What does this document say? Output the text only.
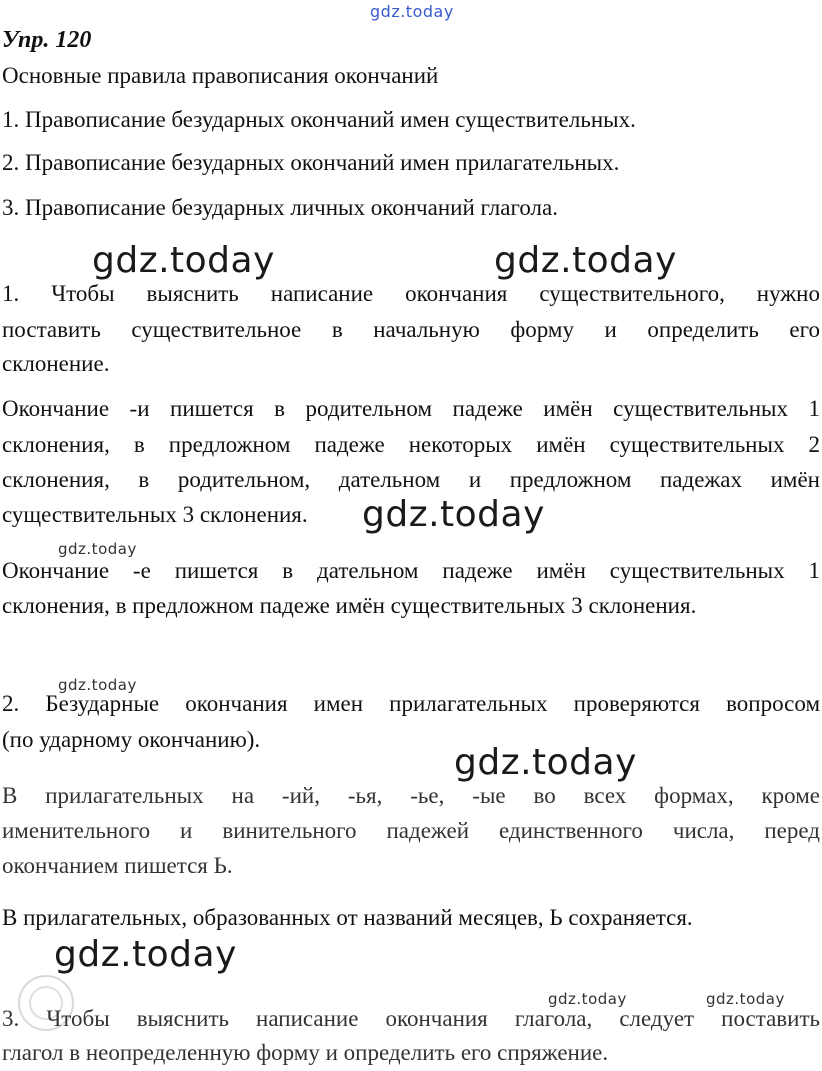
gdz.today
Упр. 120
Основные правила правописания окончаний
1. Правописание безударных окончаний имен существительных.
2. Правописание безударных окончаний имен прилагательных.
3. Правописание безударных личных окончаний глагола.
gdz.today	gdz.today
1. Чтобы выяснить написание окончания существительного, нужно
поставить существительное в начальную форму и определить его
склонение.
Окончание -и пишется в родительном падеже имён существительных 1
склонения, в предложном падеже некоторых имён существительных 2
склонения, в родительном, дательном и предложном падежах имён
существительных 3 склонения.	gdz.today
gdz.today
Окончание -е пишется в дательном падеже имён существительных 1
склонения, в предложном падеже имён существительных 3 склонения.
gdz.today
2. Безударные окончания имен прилагательных проверяются вопросом
(по ударному окончанию).
gdz.today
В прилагательных на -ий, -ья, -ье, -ые во всех формах, кроме
именительного и винительного падежей единственного числа, перед
окончанием пишется Ь.
В прилагательных, образованных от названий месяцев, Ь сохраняется.
gdz.today
gdz.today	gdz.today
3. Чтобы выяснить написание окончания глагола, следует поставить
глагол в неопределенную форму и определить его спряжение.
